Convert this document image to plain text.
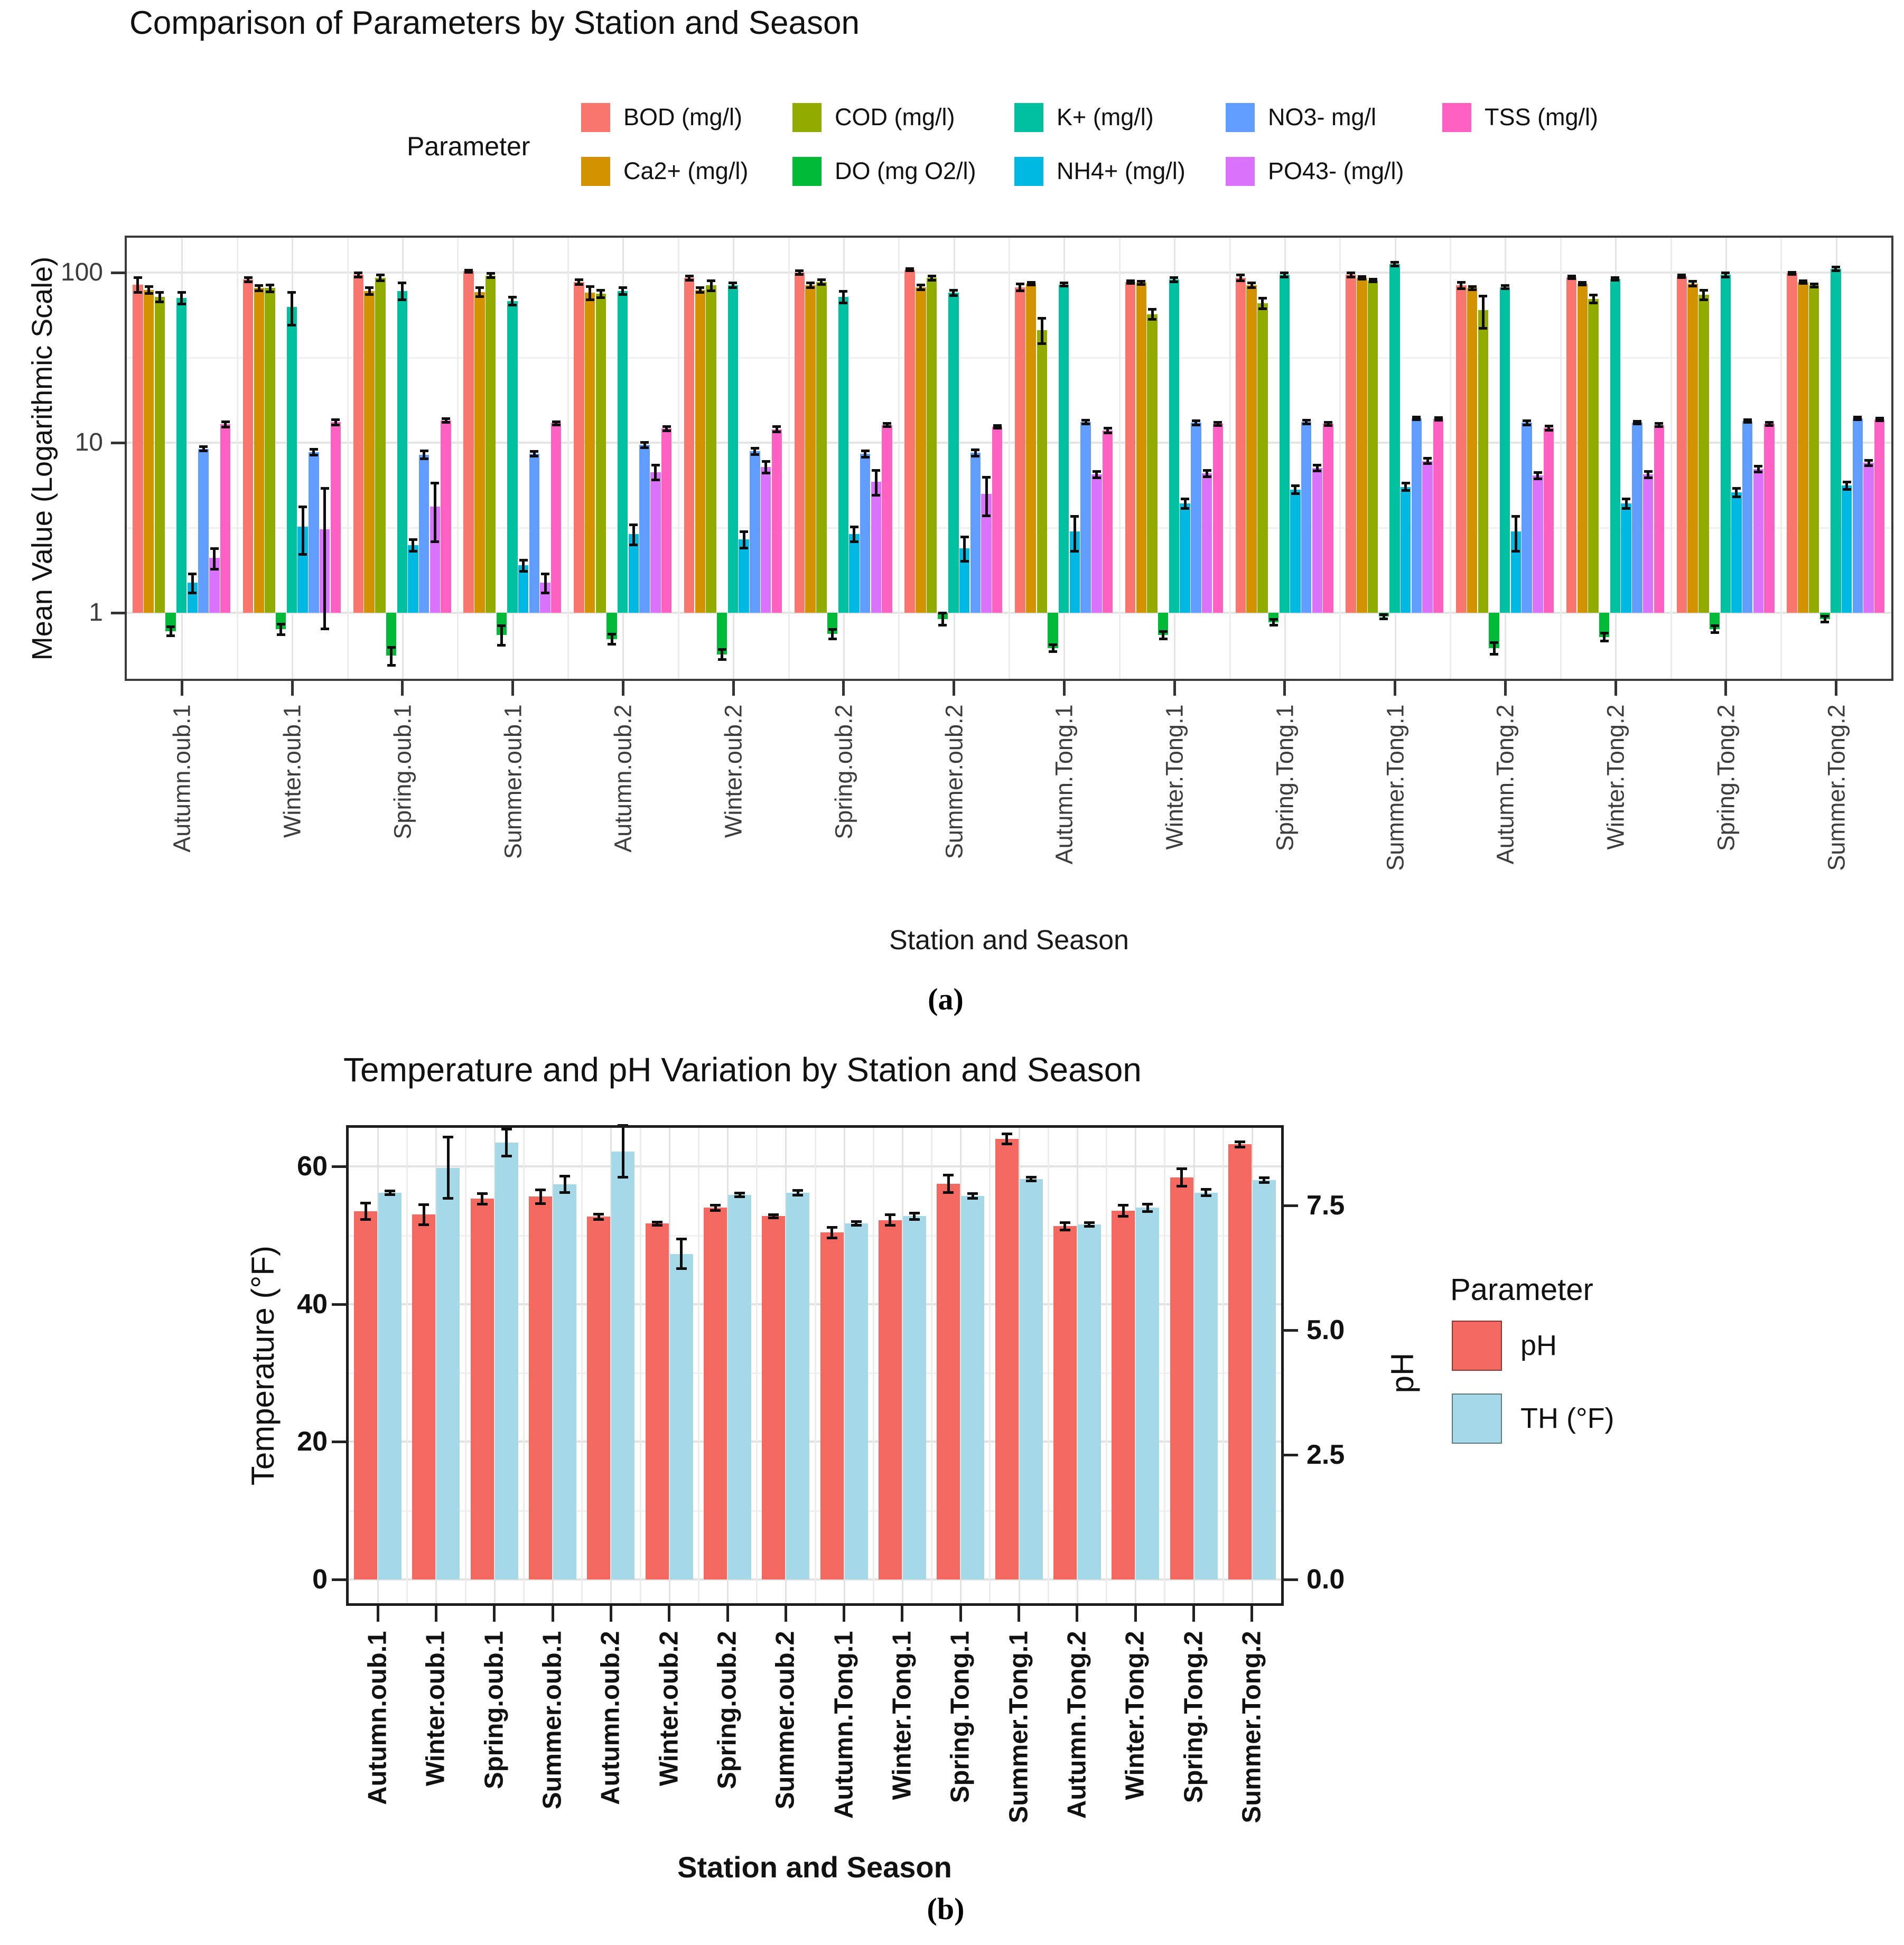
Comparison of Parameters by Station and Season
Parameter
BOD (mg/l)
Ca2+ (mg/l)
COD (mg/l)
DO (mg O2/l)
K+ (mg/l)
NH4+ (mg/l)
NO3- mg/l
PO43- (mg/l)
TSS (mg/l)
1
10
100
Autumn.oub.1	Winter.oub.1	Spring.oub.1	Summer.oub.1	Autumn.oub.2	Winter.oub.2	Spring.oub.2	Summer.oub.2	Autumn.Tong.1	Winter.Tong.1	Spring.Tong.1	Summer.Tong.1	Autumn.Tong.2	Winter.Tong.2	Spring.Tong.2	Summer.Tong.2
Mean Value (Logarithmic Scale)
Station and Season
(a)
Temperature and pH Variation by Station and Season
0
20
40
60
0.0
2.5
5.0
7.5
Autumn.oub.1 Winter.oub.1 Spring.oub.1 Summer.oub.1 Autumn.oub.2 Winter.oub.2 Spring.oub.2 Summer.oub.2 Autumn.Tong.1 Winter.Tong.1 Spring.Tong.1 Summer.Tong.1 Autumn.Tong.2 Winter.Tong.2 Spring.Tong.2 Summer.Tong.2
Temperature (°F)	pH
Parameter
pH
TH (°F)
Station and Season
(b)
